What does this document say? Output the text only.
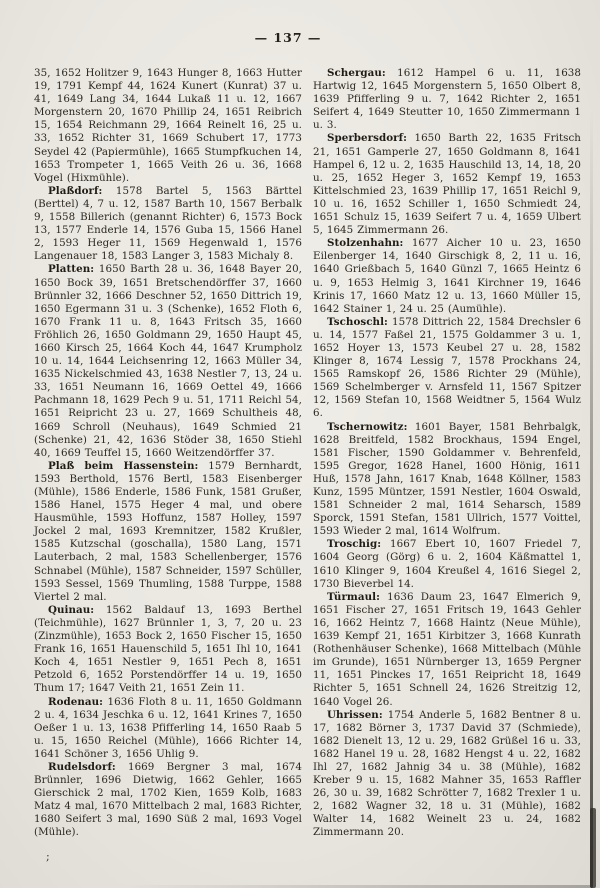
— 137 —

35, 1652 Holitzer 9, 1643 Hunger 8, 1663 Hutter 19, 1791 Kempf 44, 1624 Kunert (Kunrat) 37 u. 41, 1649 Lang 34, 1644 Lukaß 11 u. 12, 1667 Morgenstern 20, 1670 Phillip 24, 1651 Reibrich 15, 1654 Reichmann 29, 1664 Reinelt 16, 25 u. 33, 1652 Richter 31, 1669 Schubert 17, 1773 Seydel 42 (Papiermühle), 1665 Stumpfkuchen 14, 1653 Trompeter 1, 1665 Veith 26 u. 36, 1668 Vogel (Hixmühle).

Plaßdorf: 1578 Bartel 5, 1563 Bärttel (Berttel) 4, 7 u. 12, 1587 Barth 10, 1567 Berbalk 9, 1558 Billerich (genannt Richter) 6, 1573 Bock 13, 1577 Enderle 14, 1576 Guba 15, 1566 Hanel 2, 1593 Heger 11, 1569 Hegenwald 1, 1576 Langenauer 18, 1583 Langer 3, 1583 Michaly 8.

Platten: 1650 Barth 28 u. 36, 1648 Bayer 20, 1650 Bock 39, 1651 Bretschendörffer 37, 1660 Brünnler 32, 1666 Deschner 52, 1650 Dittrich 19, 1650 Egermann 31 u. 3 (Schenke), 1652 Floth 6, 1670 Frank 11 u. 8, 1643 Fritsch 35, 1660 Fröhlich 26, 1650 Goldmann 29, 1650 Haupt 45, 1660 Kirsch 25, 1664 Koch 44, 1647 Krumpholz 10 u. 14, 1644 Leichsenring 12, 1663 Müller 34, 1635 Nickelschmied 43, 1638 Nestler 7, 13, 24 u. 33, 1651 Neumann 16, 1669 Oettel 49, 1666 Pachmann 18, 1629 Pech 9 u. 51, 1711 Reichl 54, 1651 Reipricht 23 u. 27, 1669 Schultheis 48, 1669 Schroll (Neuhaus), 1649 Schmied 21 (Schenke) 21, 42, 1636 Stöder 38, 1650 Stiehl 40, 1669 Teuffel 15, 1660 Weitzendörffer 37.

Plaß beim Hassenstein: 1579 Bernhardt, 1593 Berthold, 1576 Bertl, 1583 Eisenberger (Mühle), 1586 Enderle, 1586 Funk, 1581 Grußer, 1586 Hanel, 1575 Heger 4 mal, und obere Hausmühle, 1593 Hoffunz, 1587 Holley, 1597 Jockel 2 mal, 1693 Kremnitzer, 1582 Krußler, 1585 Kutzschal (goschalla), 1580 Lang, 1571 Lauterbach, 2 mal, 1583 Schellenberger, 1576 Schnabel (Mühle), 1587 Schneider, 1597 Schüller, 1593 Sessel, 1569 Thumling, 1588 Turppe, 1588 Viertel 2 mal.

Quinau: 1562 Baldauf 13, 1693 Berthel (Teichmühle), 1627 Brünnler 1, 3, 7, 20 u. 23 (Zinzmühle), 1653 Bock 2, 1650 Fischer 15, 1650 Frank 16, 1651 Hauenschild 5, 1651 Ihl 10, 1641 Koch 4, 1651 Nestler 9, 1651 Pech 8, 1651 Petzold 6, 1652 Porstendörffer 14 u. 19, 1650 Thum 17; 1647 Veith 21, 1651 Zein 11.

Rodenau: 1636 Floth 8 u. 11, 1650 Goldmann 2 u. 4, 1634 Jeschka 6 u. 12, 1641 Krines 7, 1650 Oeßer 1 u. 13, 1638 Pfifferling 14, 1650 Raab 5 u. 15, 1650 Reichel (Mühle), 1666 Richter 14, 1641 Schöner 3, 1656 Uhlig 9.

Rudelsdorf: 1669 Bergner 3 mal, 1674 Brünnler, 1696 Dietwig, 1662 Gehler, 1665 Gierschick 2 mal, 1702 Kien, 1659 Kolb, 1683 Matz 4 mal, 1670 Mittelbach 2 mal, 1683 Richter, 1680 Seifert 3 mal, 1690 Süß 2 mal, 1693 Vogel (Mühle).

Schergau: 1612 Hampel 6 u. 11, 1638 Hartwig 12, 1645 Morgenstern 5, 1650 Olbert 8, 1639 Pfifferling 9 u. 7, 1642 Richter 2, 1651 Seifert 4, 1649 Steutter 10, 1650 Zimmermann 1 u. 3.

Sperbersdorf: 1650 Barth 22, 1635 Fritsch 21, 1651 Gamperle 27, 1650 Goldmann 8, 1641 Hampel 6, 12 u. 2, 1635 Hauschild 13, 14, 18, 20 u. 25, 1652 Heger 3, 1652 Kempf 19, 1653 Kittelschmied 23, 1639 Phillip 17, 1651 Reichl 9, 10 u. 16, 1652 Schiller 1, 1650 Schmiedt 24, 1651 Schulz 15, 1639 Seifert 7 u. 4, 1659 Ulbert 5, 1645 Zimmermann 26.

Stolzenhahn: 1677 Aicher 10 u. 23, 1650 Eilenberger 14, 1640 Girschigk 8, 2, 11 u. 16, 1640 Grießbach 5, 1640 Günzl 7, 1665 Heintz 6 u. 9, 1653 Helmig 3, 1641 Kirchner 19, 1646 Krinis 17, 1660 Matz 12 u. 13, 1660 Müller 15, 1642 Stainer 1, 24 u. 25 (Aumühle).

Tschoschl: 1578 Dittrich 22, 1584 Drechsler 6 u. 14, 1577 Faßel 21, 1575 Goldammer 3 u. 1, 1652 Hoyer 13, 1573 Keubel 27 u. 28, 1582 Klinger 8, 1674 Lessig 7, 1578 Prockhans 24, 1565 Ramskopf 26, 1586 Richter 29 (Mühle), 1569 Schelmberger v. Arnsfeld 11, 1567 Spitzer 12, 1569 Stefan 10, 1568 Weidtner 5, 1564 Wulz 6.

Tschernowitz: 1601 Bayer, 1581 Behrbalgk, 1628 Breitfeld, 1582 Brockhaus, 1594 Engel, 1581 Fischer, 1590 Goldammer v. Behrenfeld, 1595 Gregor, 1628 Hanel, 1600 Hönig, 1611 Huß, 1578 Jahn, 1617 Knab, 1648 Köllner, 1583 Kunz, 1595 Müntzer, 1591 Nestler, 1604 Oswald, 1581 Schneider 2 mal, 1614 Seharsch, 1589 Sporck, 1591 Stefan, 1581 Ullrich, 1577 Voittel, 1593 Wieder 2 mal, 1614 Wolfrum.

Troschig: 1667 Ebert 10, 1607 Friedel 7, 1604 Georg (Görg) 6 u. 2, 1604 Käßmattel 1, 1610 Klinger 9, 1604 Kreußel 4, 1616 Siegel 2, 1730 Bieverbel 14.

Türmaul: 1636 Daum 23, 1647 Elmerich 9, 1651 Fischer 27, 1651 Fritsch 19, 1643 Gehler 16, 1662 Heintz 7, 1668 Haintz (Neue Mühle), 1639 Kempf 21, 1651 Kirbitzer 3, 1668 Kunrath (Rothenhäuser Schenke), 1668 Mittelbach (Mühle im Grunde), 1651 Nürnberger 13, 1659 Pergner 11, 1651 Pinckes 17, 1651 Reipricht 18, 1649 Richter 5, 1651 Schnell 24, 1626 Streitzig 12, 1640 Vogel 26.

Uhrissen: 1754 Anderle 5, 1682 Bentner 8 u. 17, 1682 Börner 3, 1737 David 37 (Schmiede), 1682 Dienelt 13, 12 u. 29, 1682 Grüßel 16 u. 33, 1682 Hanel 19 u. 28, 1682 Hengst 4 u. 22, 1682 Ihl 27, 1682 Jahnig 34 u. 38 (Mühle), 1682 Kreber 9 u. 15, 1682 Mahner 35, 1653 Raffler 26, 30 u. 39, 1682 Schrötter 7, 1682 Trexler 1 u. 2, 1682 Wagner 32, 18 u. 31 (Mühle), 1682 Walter 14, 1682 Weinelt 23 u. 24, 1682 Zimmermann 20.

;
